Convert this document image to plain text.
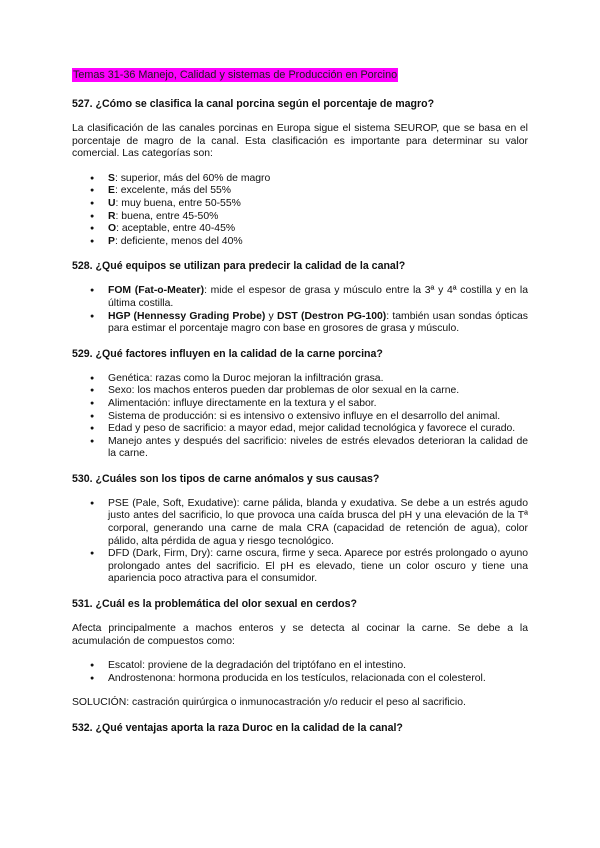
Temas 31-36 Manejo, Calidad y sistemas de Producción en Porcino
527. ¿Cómo se clasifica la canal porcina según el porcentaje de magro?
La clasificación de las canales porcinas en Europa sigue el sistema SEUROP, que se basa en el porcentaje de magro de la canal. Esta clasificación es importante para determinar su valor comercial. Las categorías son:
● S: superior, más del 60% de magro
● E: excelente, más del 55%
● U: muy buena, entre 50-55%
● R: buena, entre 45-50%
● O: aceptable, entre 40-45%
● P: deficiente, menos del 40%
528. ¿Qué equipos se utilizan para predecir la calidad de la canal?
● FOM (Fat-o-Meater): mide el espesor de grasa y músculo entre la 3ª y 4ª costilla y en la última costilla.
● HGP (Hennessy Grading Probe) y DST (Destron PG-100): también usan sondas ópticas para estimar el porcentaje magro con base en grosores de grasa y músculo.
529. ¿Qué factores influyen en la calidad de la carne porcina?
● Genética: razas como la Duroc mejoran la infiltración grasa.
● Sexo: los machos enteros pueden dar problemas de olor sexual en la carne.
● Alimentación: influye directamente en la textura y el sabor.
● Sistema de producción: si es intensivo o extensivo influye en el desarrollo del animal.
● Edad y peso de sacrificio: a mayor edad, mejor calidad tecnológica y favorece el curado.
● Manejo antes y después del sacrificio: niveles de estrés elevados deterioran la calidad de la carne.
530. ¿Cuáles son los tipos de carne anómalos y sus causas?
● PSE (Pale, Soft, Exudative): carne pálida, blanda y exudativa. Se debe a un estrés agudo justo antes del sacrificio, lo que provoca una caída brusca del pH y una elevación de la Tª corporal, generando una carne de mala CRA (capacidad de retención de agua), color pálido, alta pérdida de agua y riesgo tecnológico.
● DFD (Dark, Firm, Dry): carne oscura, firme y seca. Aparece por estrés prolongado o ayuno prolongado antes del sacrificio. El pH es elevado, tiene un color oscuro y tiene una apariencia poco atractiva para el consumidor.
531. ¿Cuál es la problemática del olor sexual en cerdos?
Afecta principalmente a machos enteros y se detecta al cocinar la carne. Se debe a la acumulación de compuestos como:
● Escatol: proviene de la degradación del triptófano en el intestino.
● Androstenona: hormona producida en los testículos, relacionada con el colesterol.
SOLUCIÓN: castración quirúrgica o inmunocastración y/o reducir el peso al sacrificio.
532. ¿Qué ventajas aporta la raza Duroc en la calidad de la canal?
